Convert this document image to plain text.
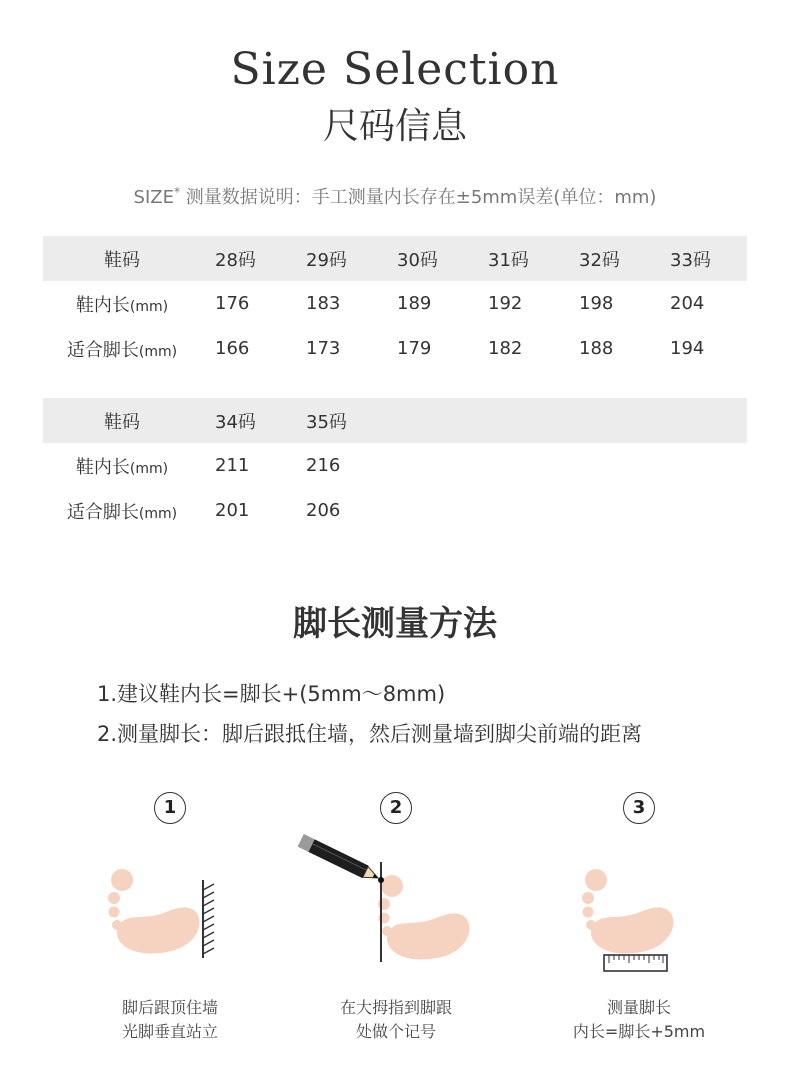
Size Selection
尺码信息
SIZE* 测量数据说明：手工测量内长存在±5mm误差(单位：mm)
鞋码	28码	29码	30码	31码	32码	33码
鞋内长(mm)	176	183	189	192	198	204
适合脚长(mm)	166	173	179	182	188	194
鞋码	34码	35码				
鞋内长(mm)	211	216				
适合脚长(mm)	201	206				
脚长测量方法
1.建议鞋内长=脚长+(5mm～8mm)
2.测量脚长：脚后跟抵住墙，然后测量墙到脚尖前端的距离
1	2	3
脚后跟顶住墙
光脚垂直站立
在大拇指到脚跟
处做个记号
测量脚长
内长=脚长+5mm
